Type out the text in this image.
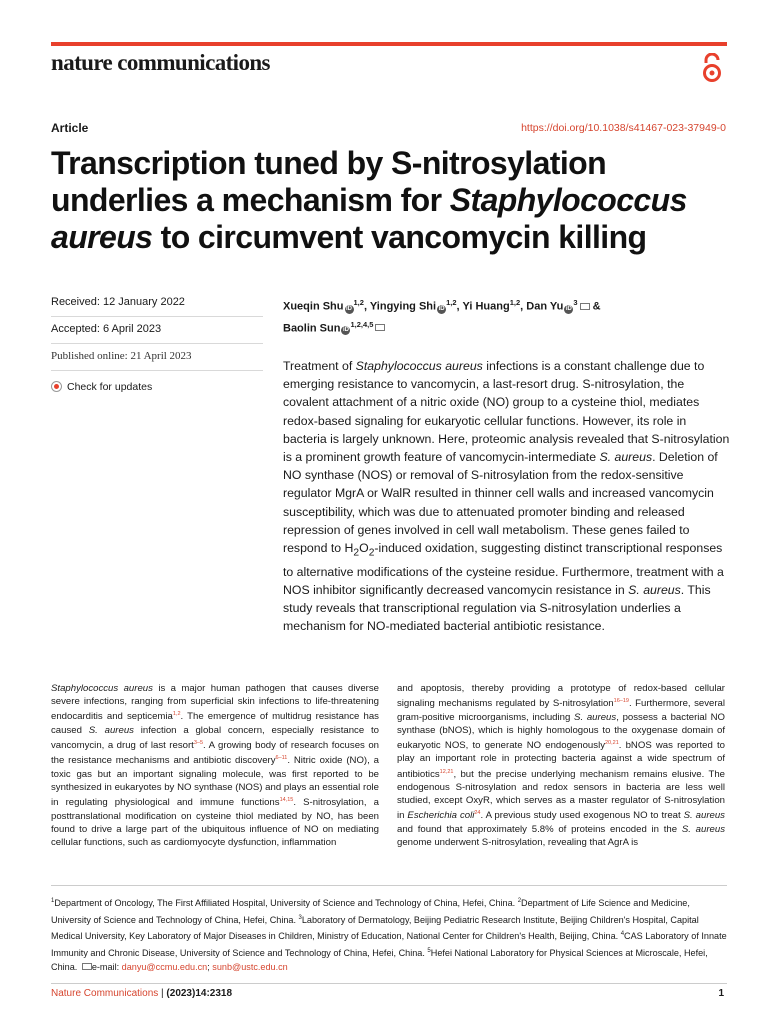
nature communications
Article	https://doi.org/10.1038/s41467-023-37949-0
Transcription tuned by S-nitrosylation underlies a mechanism for Staphylococcus aureus to circumvent vancomycin killing
Received: 12 January 2022
Accepted: 6 April 2023
Published online: 21 April 2023
Check for updates
Xueqin Shu iD$^{1,2}$, Yingying Shi iD$^{1,2}$, Yi Huang$^{1,2}$, Dan Yu $iD^3$ &
Baolin Sun iD$^{1,2,4,5}$

Treatment of Staphylococcus aureus infections is a constant challenge due to emerging resistance to vancomycin, a last-resort drug. S-nitrosylation, the covalent attachment of a nitric oxide (NO) group to a cysteine thiol, mediates redox-based signaling for eukaryotic cellular functions. However, its role in bacteria is largely unknown. Here, proteomic analysis revealed that S-nitrosylation is a prominent growth feature of vancomycin-intermediate S. aureus. Deletion of NO synthase (NOS) or removal of S-nitrosylation from the redox-sensitive regulator MgrA or WalR resulted in thinner cell walls and increased vancomycin susceptibility, which was due to attenuated promoter binding and released repression of genes involved in cell wall metabolism. These genes failed to respond to $H_2O_2$-induced oxidation, suggesting distinct transcriptional responses to alternative modifications of the cysteine residue. Furthermore, treatment with a NOS inhibitor significantly decreased vancomycin resistance in S. aureus. This study reveals that transcriptional regulation via S-nitrosylation underlies a mechanism for NO-mediated bacterial antibiotic resistance.

Staphylococcus aureus is a major human pathogen that causes diverse severe infections, ranging from superficial skin infections to life-threatening endocarditis and septicemia$^{1,2}$. The emergence of multidrug resistance has caused S. aureus infection a global concern, especially resistance to vancomycin, a drug of last resort$^{3-5}$. A growing body of research focuses on the resistance mechanisms and antibiotic discovery$^{6-11}$. Nitric oxide (NO), a toxic gas but an important signaling molecule, was first reported to be synthesized in eukaryotes by NO synthase (NOS) and plays an essential role in regulating physiological and immune functions$^{14,15}$. S-nitrosylation, a posttranslational modification on cysteine thiol mediated by NO, has been found to drive a large part of the ubiquitous influence of NO on mediating cellular functions, such as cardiomyocyte dysfunction, inflammation

and apoptosis, thereby providing a prototype of redox-based cellular signaling mechanisms regulated by S-nitrosylation$^{16-19}$. Furthermore, several gram-positive microorganisms, including S. aureus, possess a bacterial NO synthase (bNOS), which is highly homologous to the oxygenase domain of eukaryotic NOS, to generate NO endogenously$^{20,21}$. bNOS was reported to play an important role in protecting bacteria against a wide spectrum of antibiotics$^{12,21}$, but the precise underlying mechanism remains elusive. The endogenous S-nitrosylation and redox sensors in bacteria are less well studied, except OxyR, which serves as a master regulator of S-nitrosylation in Escherichia coli$^{24}$. A previous study used exogenous NO to treat S. aureus and found that approximately 5.8% of proteins encoded in the S. aureus genome underwent S-nitrosylation, revealing that AgrA is

$^1$Department of Oncology, The First Affiliated Hospital, University of Science and Technology of China, Hefei, China. $^2$Department of Life Science and Medicine, University of Science and Technology of China, Hefei, China. $^3$Laboratory of Dermatology, Beijing Pediatric Research Institute, Beijing Children's Hospital, Capital Medical University, Key Laboratory of Major Diseases in Children, Ministry of Education, National Center for Children's Health, Beijing, China. $^4$CAS Laboratory of Innate Immunity and Chronic Disease, University of Science and Technology of China, Hefei, China. $^5$Hefei National Laboratory for Physical Sciences at Microscale, Hefei, China. e-mail: danyu@ccmu.edu.cn; sunb@ustc.edu.cn

Nature Communications | (2023)14:2318	1
